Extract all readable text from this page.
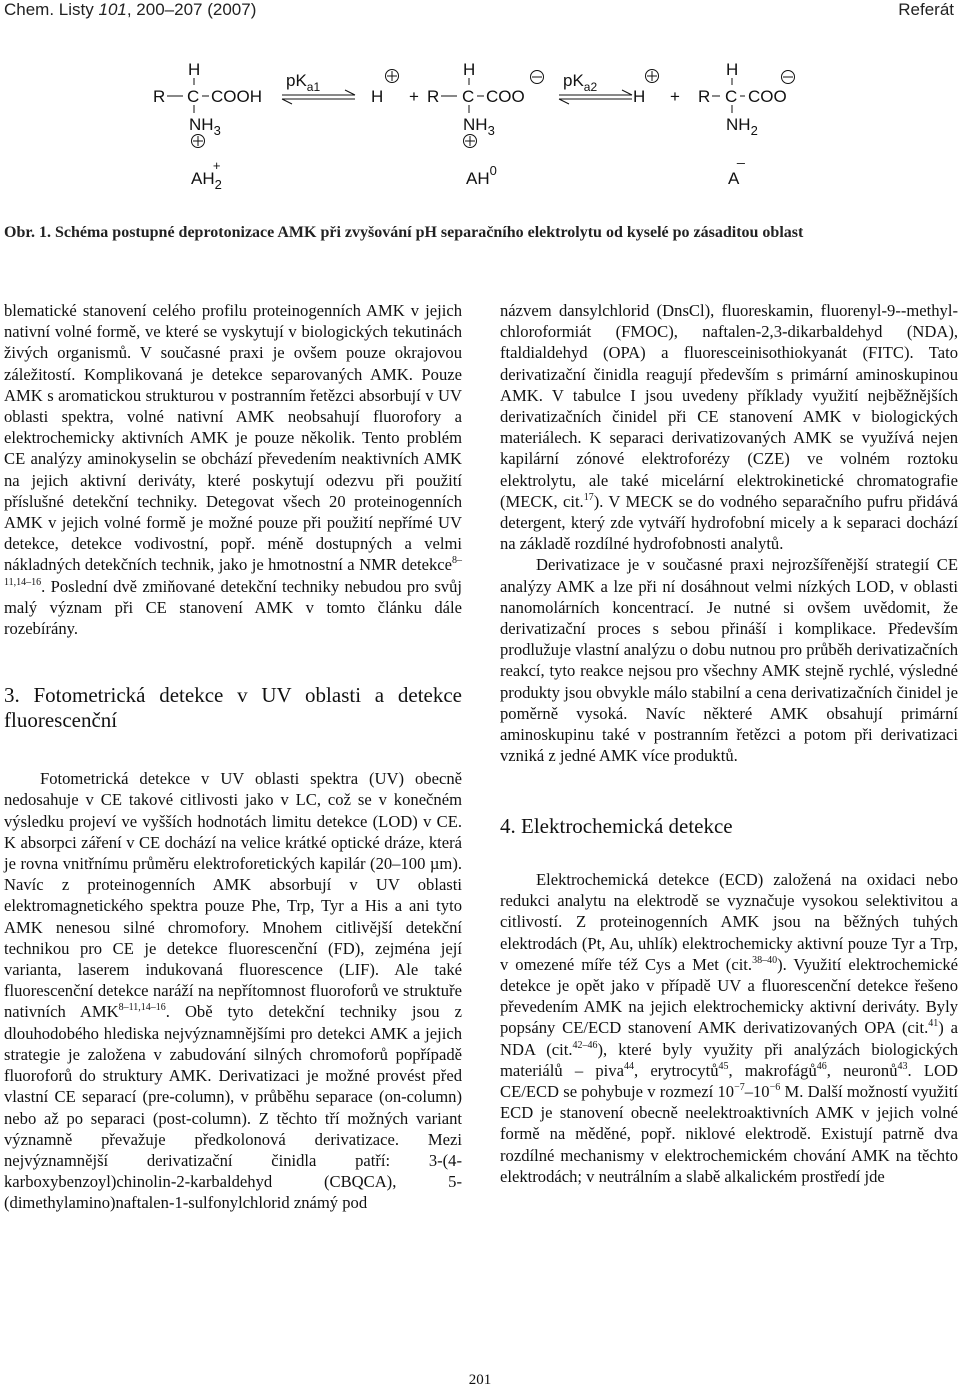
Chem. Listy 101, 200–207 (2007)	Referát
H
R C COOH
$NH_3$
$AH_2+$
$pK_{a1}$	H +
H
R C COO
$NH_3$
$AH^0$
$pK_{a2}$ H +
H
R C COO
$NH_2$
A
_
Obr. 1. Schéma postupné deprotonizace AMK při zvyšování pH separačního elektrolytu od kyselé po zásaditou oblast

blematické stanovení celého profilu proteinogenních AMK v jejich nativní volné formě, ve které se vyskytují v biologických tekutinách živých organismů. V současné praxi je ovšem pouze okrajovou záležitostí. Komplikovaná je detekce separovaných AMK. Pouze AMK s aromatickou strukturou v postranním řetězci absorbují v UV oblasti spektra, volné nativní AMK neobsahují fluorofory a elektrochemicky aktivních AMK je pouze několik. Tento problém CE analýzy aminokyselin se obchází převedením neaktivních AMK na jejich aktivní deriváty, které poskytují odezvu při použití příslušné detekční techniky. Detegovat všech 20 proteinogenních AMK v jejich volné formě je možné pouze při použití nepřímé UV detekce, detekce vodivostní, popř. méně dostupných a velmi nákladných detekčních technik, jako je hmotnostní a NMR detekce$^{8-11,14-16}$. Poslední dvě zmiňované detekční techniky nebudou pro svůj malý význam při CE stanovení AMK v tomto článku dále rozebírány.

3. Fotometrická detekce v UV oblasti a detekce fluorescenční

Fotometrická detekce v UV oblasti spektra (UV) obecně nedosahuje v CE takové citlivosti jako v LC, což se v konečném výsledku projeví ve vyšších hodnotách limitu detekce (LOD) v CE. K absorpci záření v CE dochází na velice krátké optické dráze, která je rovna vnitřnímu průměru elektroforetických kapilár (20–100 µm). Navíc z proteinogenních AMK absorbují v UV oblasti elektromagnetického spektra pouze Phe, Trp, Tyr a His a ani tyto AMK nenesou silné chromofory. Mnohem citlivější detekční technikou pro CE je detekce fluorescenční (FD), zejména její varianta, laserem indukovaná fluorescence (LIF). Ale také fluorescenční detekce naráží na nepřítomnost fluoroforů ve struktuře nativních AMK$^{8-11,14-16}$. Obě tyto detekční techniky jsou z dlouhodobého hlediska nejvýznamnějšími pro detekci AMK a jejich strategie je založena v zabudování silných chromoforů popřípadě fluoroforů do struktury AMK. Derivatizaci je možné provést před vlastní CE separací (pre-column), v průběhu separace (on-column) nebo až po separaci (post-column). Z těchto tří možných variant významně převažuje předkolonová derivatizace. Mezi nejvýznamnější derivatizační činidla patří: 3-(4-karboxybenzoyl)chinolin-2-karbaldehyd (CBQCA), 5-(dimethylamino)naftalen-1-sulfonylchlorid známý pod

názvem dansylchlorid (DnsCl), fluoreskamin, fluorenyl-9--methyl-chloroformiát (FMOC), naftalen-2,3-dikarbaldehyd (NDA), ftaldialdehyd (OPA) a fluoresceinisothiokyanát (FITC). Tato derivatizační činidla reagují především s primární aminoskupinou AMK. V tabulce I jsou uvedeny příklady využití nejběžnějších derivatizačních činidel při CE stanovení AMK v biologických materiálech. K separaci derivatizovaných AMK se využívá nejen kapilární zónové elektroforézy (CZE) ve volném roztoku elektrolytu, ale také micelární elektrokinetické chromatografie (MECK, cit.$^{17}$). V MECK se do vodného separačního pufru přidává detergent, který zde vytváří hydrofobní micely a k separaci dochází na základě rozdílné hydrofobnosti analytů.

Derivatizace je v současné praxi nejrozšířenější strategií CE analýzy AMK a lze při ní dosáhnout velmi nízkých LOD, v oblasti nanomolárních koncentrací. Je nutné si ovšem uvědomit, že derivatizační proces s sebou přináší i komplikace. Především prodlužuje vlastní analýzu o dobu nutnou pro průběh derivatizačních reakcí, tyto reakce nejsou pro všechny AMK stejně rychlé, výsledné produkty jsou obvykle málo stabilní a cena derivatizačních činidel je poměrně vysoká. Navíc některé AMK obsahují primární aminoskupinu také v postranním řetězci a potom při derivatizaci vzniká z jedné AMK více produktů.

4. Elektrochemická detekce

Elektrochemická detekce (ECD) založená na oxidaci nebo redukci analytu na elektrodě se vyznačuje vysokou selektivitou a citlivostí. Z proteinogenních AMK jsou na běžných tuhých elektrodách (Pt, Au, uhlík) elektrochemicky aktivní pouze Tyr a Trp, v omezené míře též Cys a Met (cit.$^{38-40}$). Využití elektrochemické detekce je opět jako v případě UV a fluorescenční detekce řešeno převedením AMK na jejich elektrochemicky aktivní deriváty. Byly popsány CE/ECD stanovení AMK derivatizovaných OPA (cit.$^{41}$) a NDA (cit.$^{42-46}$), které byly využity při analýzách biologických materiálů – piva$^{44}$, erytrocytů$^{45}$, makrofágů$^{46}$, neuronů$^{43}$. LOD CE/ECD se pohybuje v rozmezí $10^{-7}-10^{-6}$ M. Další možností využití ECD je stanovení obecně neelektroaktivních AMK v jejich volné formě na měděné, popř. niklové elektrodě. Existují patrně dva rozdílné mechanismy v elektrochemickém chování AMK na těchto elektrodách; v neutrálním a slabě alkalickém prostředí jde

201
